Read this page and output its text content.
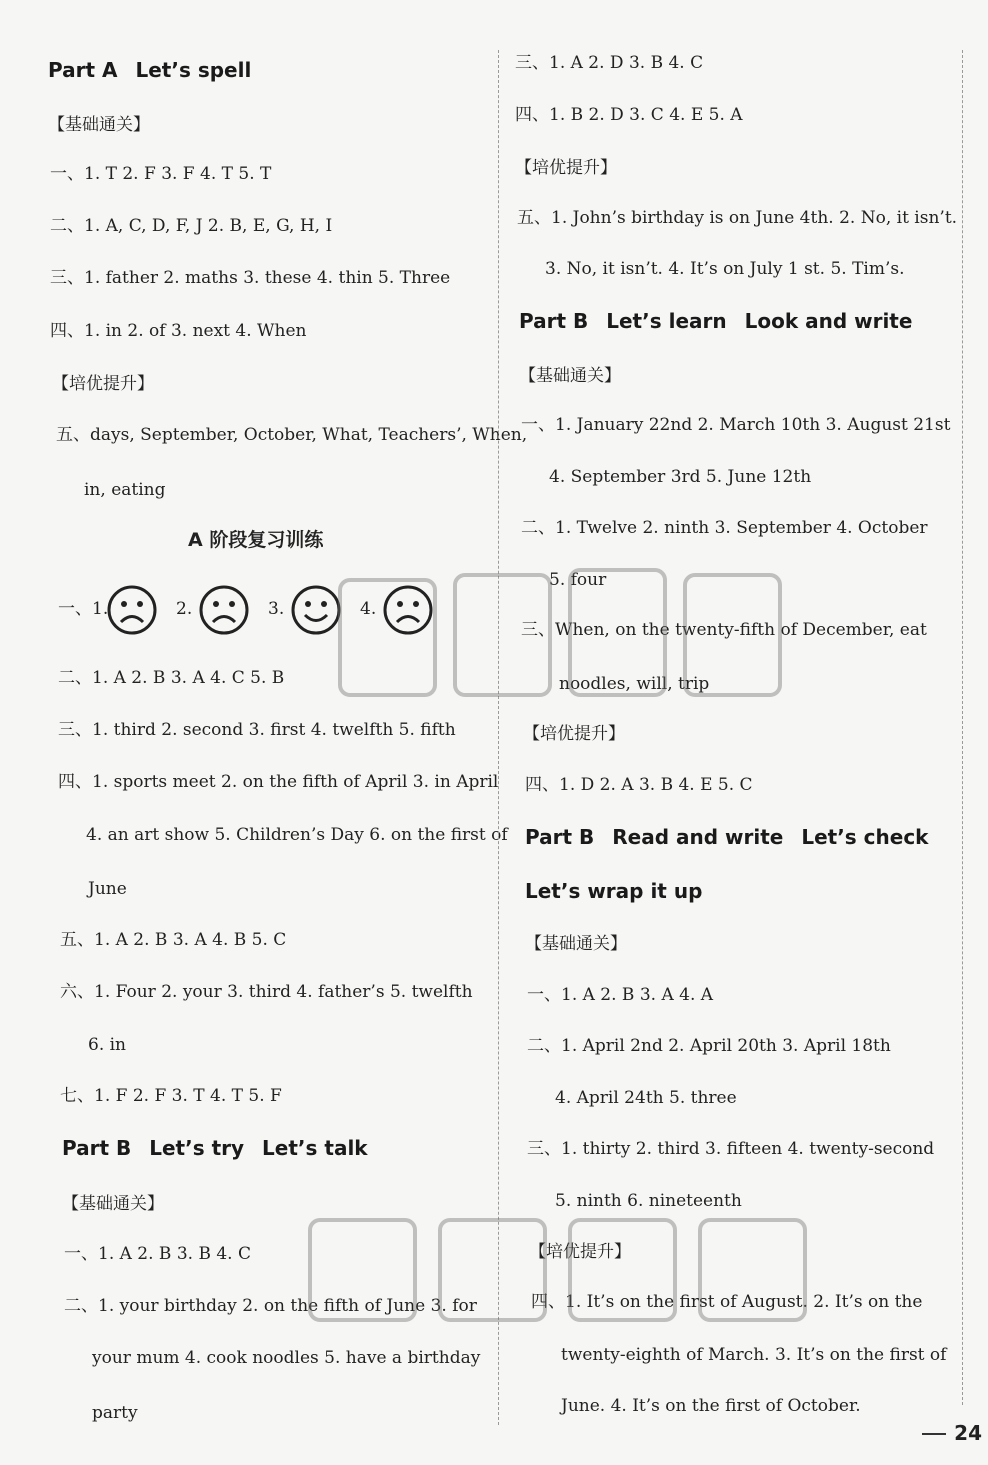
Part A Let’s spell
【基础通关】
一、1. T 2. F 3. F 4. T 5. T
二、1. A, C, D, F, J 2. B, E, G, H, I
三、1. father 2. maths 3. these 4. thin 5. Three
四、1. in 2. of 3. next 4. When
【培优提升】
五、days, September, October, What, Teachers’, When,
in, eating
A 阶段复习训练
一、1.	2.	3.	4.
二、1. A 2. B 3. A 4. C 5. B
三、1. third 2. second 3. first 4. twelfth 5. fifth
四、1. sports meet 2. on the fifth of April 3. in April
4. an art show 5. Children’s Day 6. on the first of
June
五、1. A 2. B 3. A 4. B 5. C
六、1. Four 2. your 3. third 4. father’s 5. twelfth
6. in
七、1. F 2. F 3. T 4. T 5. F
Part B Let’s try Let’s talk
【基础通关】
一、1. A 2. B 3. B 4. C
二、1. your birthday 2. on the fifth of June 3. for
your mum 4. cook noodles 5. have a birthday
party
三、1. A 2. D 3. B 4. C
四、1. B 2. D 3. C 4. E 5. A
【培优提升】
五、1. John’s birthday is on June 4th. 2. No, it isn’t.
3. No, it isn’t. 4. It’s on July 1 st. 5. Tim’s.
Part B Let’s learn Look and write
【基础通关】
一、1. January 22nd 2. March 10th 3. August 21st
4. September 3rd 5. June 12th
二、1. Twelve 2. ninth 3. September 4. October
5. four
三、When, on the twenty-fifth of December, eat
noodles, will, trip
【培优提升】
四、1. D 2. A 3. B 4. E 5. C
Part B Read and write Let’s check
Let’s wrap it up
【基础通关】
一、1. A 2. B 3. A 4. A
二、1. April 2nd 2. April 20th 3. April 18th
4. April 24th 5. three
三、1. thirty 2. third 3. fifteen 4. twenty-second
5. ninth 6. nineteenth
【培优提升】
四、1. It’s on the first of August. 2. It’s on the
twenty-eighth of March. 3. It’s on the first of
June. 4. It’s on the first of October.
24
